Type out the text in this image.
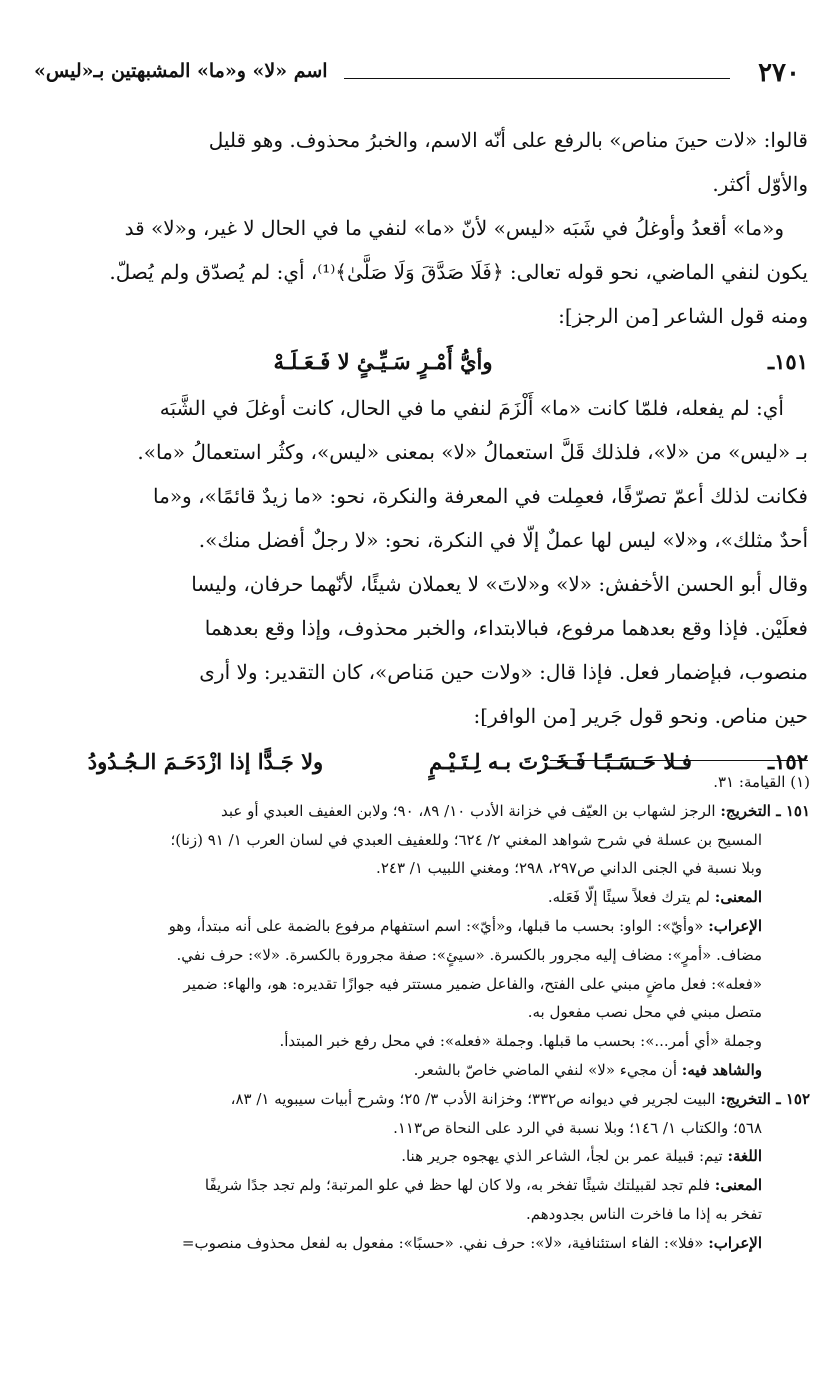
٢٧٠
اسم «لا» و«ما» المشبهتين بـ«ليس»

قالوا: «لات حينَ مناص» بالرفع على أنّه الاسم، والخبرُ محذوف. وهو قليل

والأوّل أكثر.

و«ما» أقعدُ وأوغلُ في شَبَه «ليس» لأنّ «ما» لنفي ما في الحال لا غير، و«لا» قد

يكون لنفي الماضي، نحو قوله تعالى: ﴿فَلَا صَدَّقَ وَلَا صَلَّىٰ﴾⁽¹⁾، أي: لم يُصدّق ولم يُصلّ.

ومنه قول الشاعر [من الرجز]:

١٥١ـ
وأيُّ أَمْـرٍ سَـيِّـئٍ لا فَـعَـلَـهْ

أي: لم يفعله، فلمّا كانت «ما» أَلْزَمَ لنفي ما في الحال، كانت أوغلَ في الشَّبَه

بـ «ليس» من «لا»، فلذلك قَلَّ استعمالُ «لا» بمعنى «ليس»، وكثُر استعمالُ «ما».

فكانت لذلك أعمّ تصرّفًا، فعمِلت في المعرفة والنكرة، نحو: «ما زيدٌ قائمًا»، و«ما

أحدٌ مثلك»، و«لا» ليس لها عملٌ إلّا في النكرة، نحو: «لا رجلٌ أفضل منك».

وقال أبو الحسن الأخفش: «لا» و«لاتَ» لا يعملان شيئًا، لأنّهما حرفان، وليسا

فعلَيْن. فإذا وقع بعدهما مرفوع، فبالابتداء، والخبر محذوف، وإذا وقع بعدهما

منصوب، فبإضمار فعل. فإذا قال: «ولات حين مَناص»، كان التقدير: ولا أرى

حين مناص. ونحو قول جَرير [من الوافر]:

١٥٢ـ
فـلا حَـسَـبًـا فَـخَـرْتَ بـه لِـتَـيْـمٍ
ولا جَـدًّا إذا ازْدَحَـمَ الـجُـدُودُ
(١) القيامة: ٣١.
١٥١ ـ التخريج: الرجز لشهاب بن العيّف في خزانة الأدب ١٠/ ٨٩، ٩٠؛ ولابن العفيف العبدي أو عبد
المسيح بن عسلة في شرح شواهد المغني ٢/ ٦٢٤؛ وللعفيف العبدي في لسان العرب ١/ ٩١ (زنا)؛
وبلا نسبة في الجنى الداني ص٢٩٧، ٢٩٨؛ ومغني اللبيب ١/ ٢٤٣.
المعنى: لم يترك فعلاً سيئًا إلّا فَعَله.
الإعراب: «وأيّ»: الواو: بحسب ما قبلها، و«أيّ»: اسم استفهام مرفوع بالضمة على أنه مبتدأ، وهو
مضاف. «أمرٍ»: مضاف إليه مجرور بالكسرة. «سيئٍ»: صفة مجرورة بالكسرة. «لا»: حرف نفي.
«فعله»: فعل ماضٍ مبني على الفتح، والفاعل ضمير مستتر فيه جوازًا تقديره: هو، والهاء: ضمير
متصل مبني في محل نصب مفعول به.
وجملة «أي أمر...»: بحسب ما قبلها. وجملة «فعله»: في محل رفع خبر المبتدأ.
والشاهد فيه: أن مجيء «لا» لنفي الماضي خاصّ بالشعر.
١٥٢ ـ التخريج: البيت لجرير في ديوانه ص٣٣٢؛ وخزانة الأدب ٣/ ٢٥؛ وشرح أبيات سيبويه ١/ ٨٣،
٥٦٨؛ والكتاب ١/ ١٤٦؛ وبلا نسبة في الرد على النحاة ص١١٣.
اللغة: تيم: قبيلة عمر بن لجأ، الشاعر الذي يهجوه جرير هنا.
المعنى: فلم تجد لقبيلتك شيئًا تفخر به، ولا كان لها حظ في علو المرتبة؛ ولم تجد جدًا شريفًا
تفخر به إذا ما فاخرت الناس بجدودهم.
الإعراب: «فلا»: الفاء استئنافية، «لا»: حرف نفي. «حسبًا»: مفعول به لفعل محذوف منصوب=
